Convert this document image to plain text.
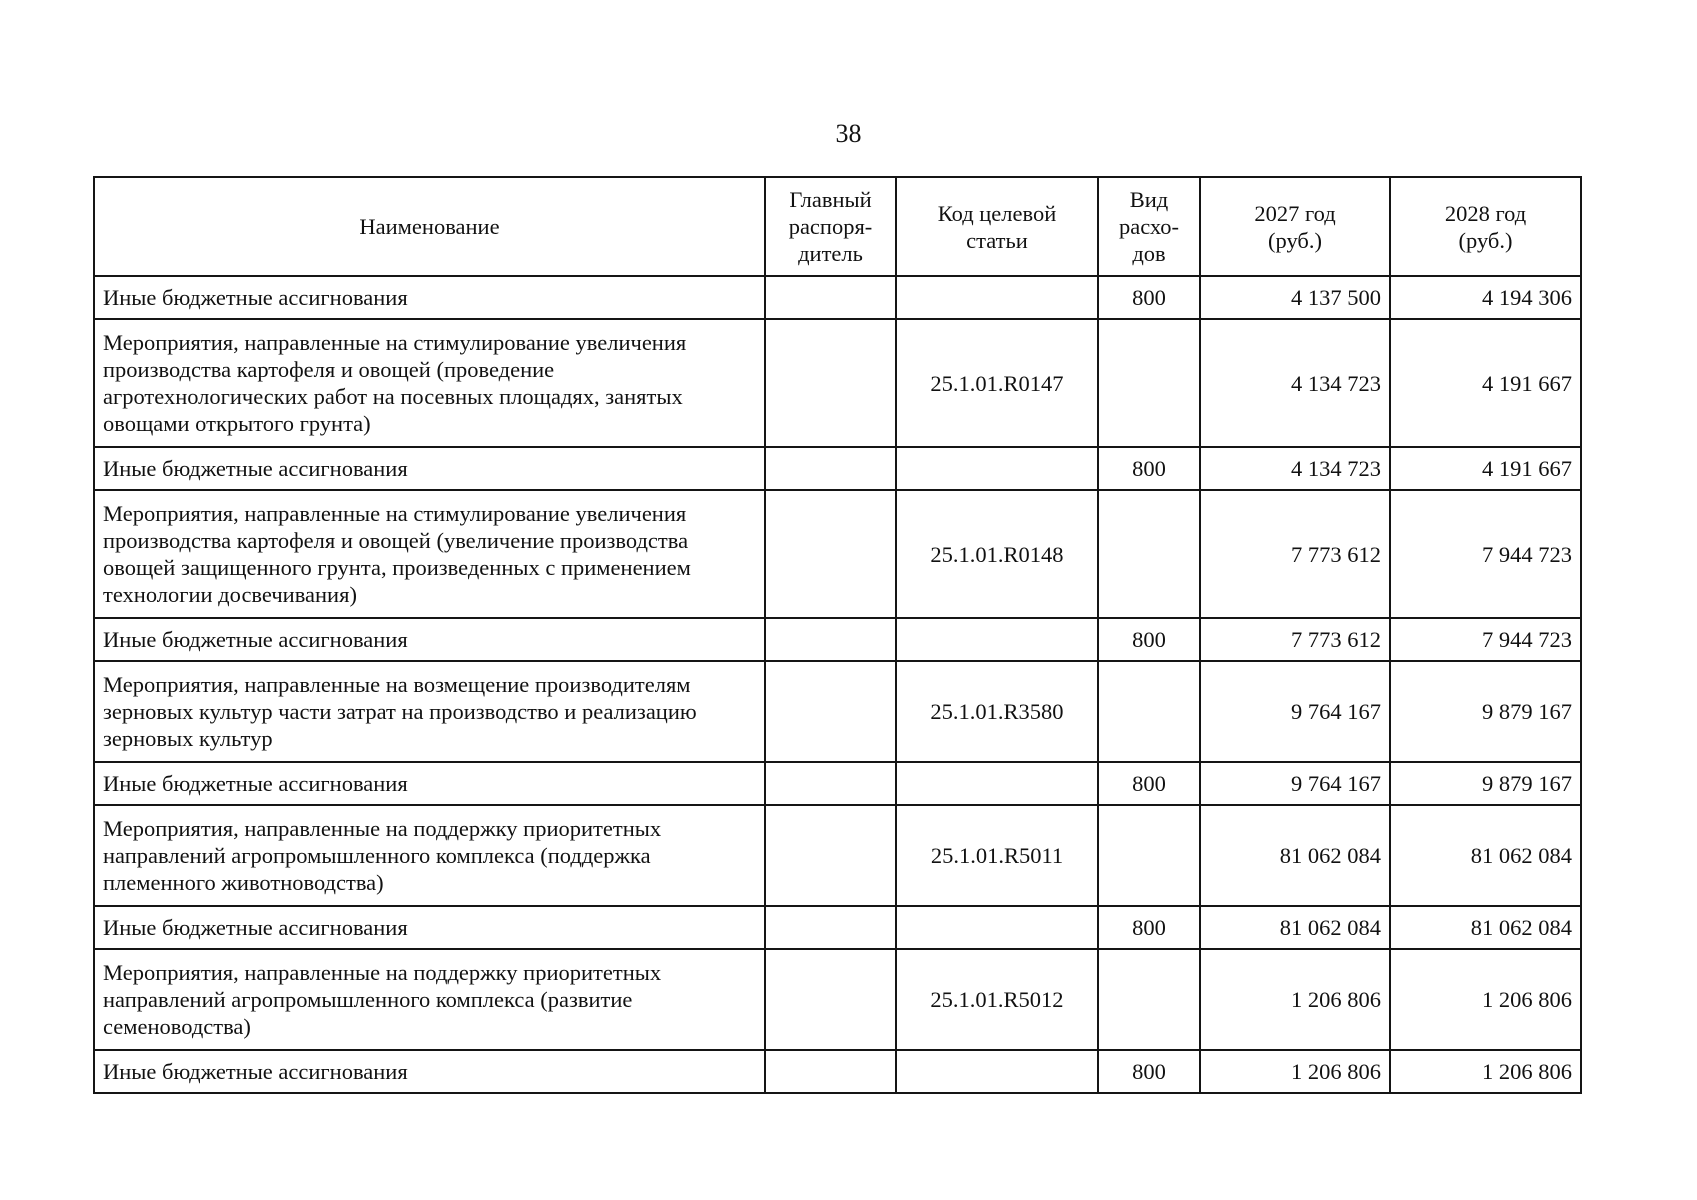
38
Наименование	Главный распоря-дитель	Код целевой статьи	Вид расхо-дов	2027 год (руб.)	2028 год (руб.)
Иные бюджетные ассигнования			800	4 137 500	4 194 306
Мероприятия, направленные на стимулирование увеличения производства картофеля и овощей (проведение агротехнологических работ на посевных площадях, занятых овощами открытого грунта)		25.1.01.R0147		4 134 723	4 191 667
Иные бюджетные ассигнования			800	4 134 723	4 191 667
Мероприятия, направленные на стимулирование увеличения производства картофеля и овощей (увеличение производства овощей защищенного грунта, произведенных с применением технологии досвечивания)		25.1.01.R0148		7 773 612	7 944 723
Иные бюджетные ассигнования			800	7 773 612	7 944 723
Мероприятия, направленные на возмещение производителям зерновых культур части затрат на производство и реализацию зерновых культур		25.1.01.R3580		9 764 167	9 879 167
Иные бюджетные ассигнования			800	9 764 167	9 879 167
Мероприятия, направленные на поддержку приоритетных направлений агропромышленного комплекса (поддержка племенного животноводства)		25.1.01.R5011		81 062 084	81 062 084
Иные бюджетные ассигнования			800	81 062 084	81 062 084
Мероприятия, направленные на поддержку приоритетных направлений агропромышленного комплекса (развитие семеноводства)		25.1.01.R5012		1 206 806	1 206 806
Иные бюджетные ассигнования			800	1 206 806	1 206 806
